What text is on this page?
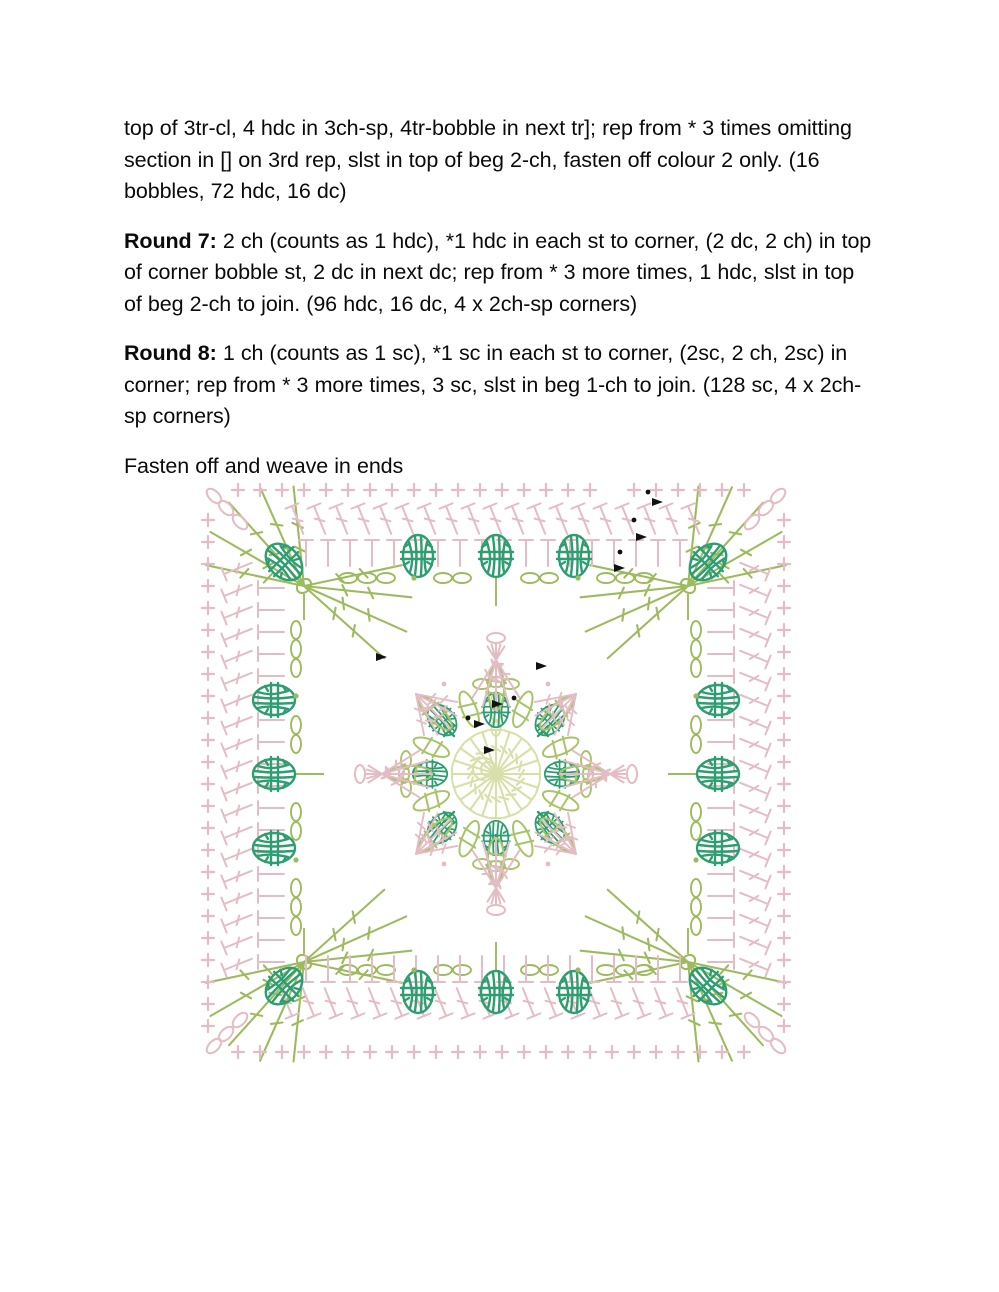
top of 3tr-cl, 4 hdc in 3ch-sp, 4tr-bobble in next tr]; rep from * 3 times omitting section in [] on 3rd rep, slst in top of beg 2-ch, fasten off colour 2 only. (16 bobbles, 72 hdc, 16 dc)

Round 7: 2 ch (counts as 1 hdc), *1 hdc in each st to corner, (2 dc, 2 ch) in top of corner bobble st, 2 dc in next dc; rep from * 3 more times, 1 hdc, slst in top of beg 2-ch to join. (96 hdc, 16 dc, 4 x 2ch-sp corners)

Round 8: 1 ch (counts as 1 sc), *1 sc in each st to corner, (2sc, 2 ch, 2sc) in corner; rep from * 3 more times, 3 sc, slst in beg 1-ch to join. (128 sc, 4 x 2ch-sp corners)

Fasten off and weave in ends
